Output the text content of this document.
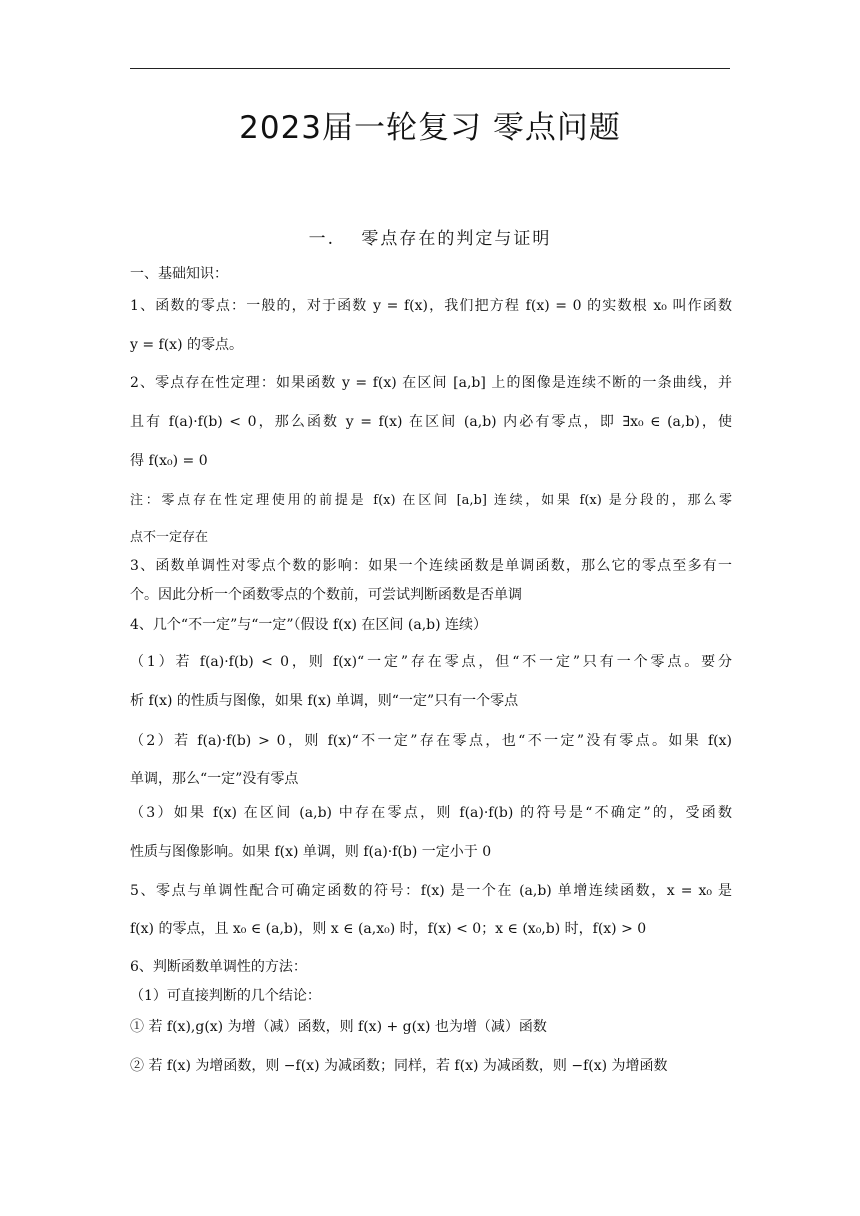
2023届一轮复习 零点问题
一.　 零点存在的判定与证明
一、基础知识：
1、函数的零点：一般的，对于函数 y = f(x)，我们把方程 f(x) = 0 的实数根 x₀ 叫作函数
y = f(x) 的零点。
2、零点存在性定理：如果函数 y = f(x) 在区间 [a,b] 上的图像是连续不断的一条曲线，并
且有 f(a)·f(b) < 0，那么函数 y = f(x) 在区间 (a,b) 内必有零点，即 ∃x₀ ∈ (a,b)，使
得 f(x₀) = 0
注：零点存在性定理使用的前提是 f(x) 在区间 [a,b] 连续，如果 f(x) 是分段的，那么零
点不一定存在
3、函数单调性对零点个数的影响：如果一个连续函数是单调函数，那么它的零点至多有一
个。因此分析一个函数零点的个数前，可尝试判断函数是否单调
4、几个“不一定”与“一定”（假设 f(x) 在区间 (a,b) 连续）
（1）若 f(a)·f(b) < 0，则 f(x)“一定”存在零点，但“不一定”只有一个零点。要分
析 f(x) 的性质与图像，如果 f(x) 单调，则“一定”只有一个零点
（2）若 f(a)·f(b) > 0，则 f(x)“不一定”存在零点，也“不一定”没有零点。如果 f(x)
单调，那么“一定”没有零点
（3）如果 f(x) 在区间 (a,b) 中存在零点，则 f(a)·f(b) 的符号是“不确定”的，受函数
性质与图像影响。如果 f(x) 单调，则 f(a)·f(b) 一定小于 0
5、零点与单调性配合可确定函数的符号：f(x) 是一个在 (a,b) 单增连续函数，x = x₀ 是
f(x) 的零点，且 x₀ ∈ (a,b)，则 x ∈ (a,x₀) 时，f(x) < 0；x ∈ (x₀,b) 时，f(x) > 0
6、判断函数单调性的方法：
（1）可直接判断的几个结论：
① 若 f(x),g(x) 为增（减）函数，则 f(x) + g(x) 也为增（减）函数
② 若 f(x) 为增函数，则 −f(x) 为减函数；同样，若 f(x) 为减函数，则 −f(x) 为增函数
